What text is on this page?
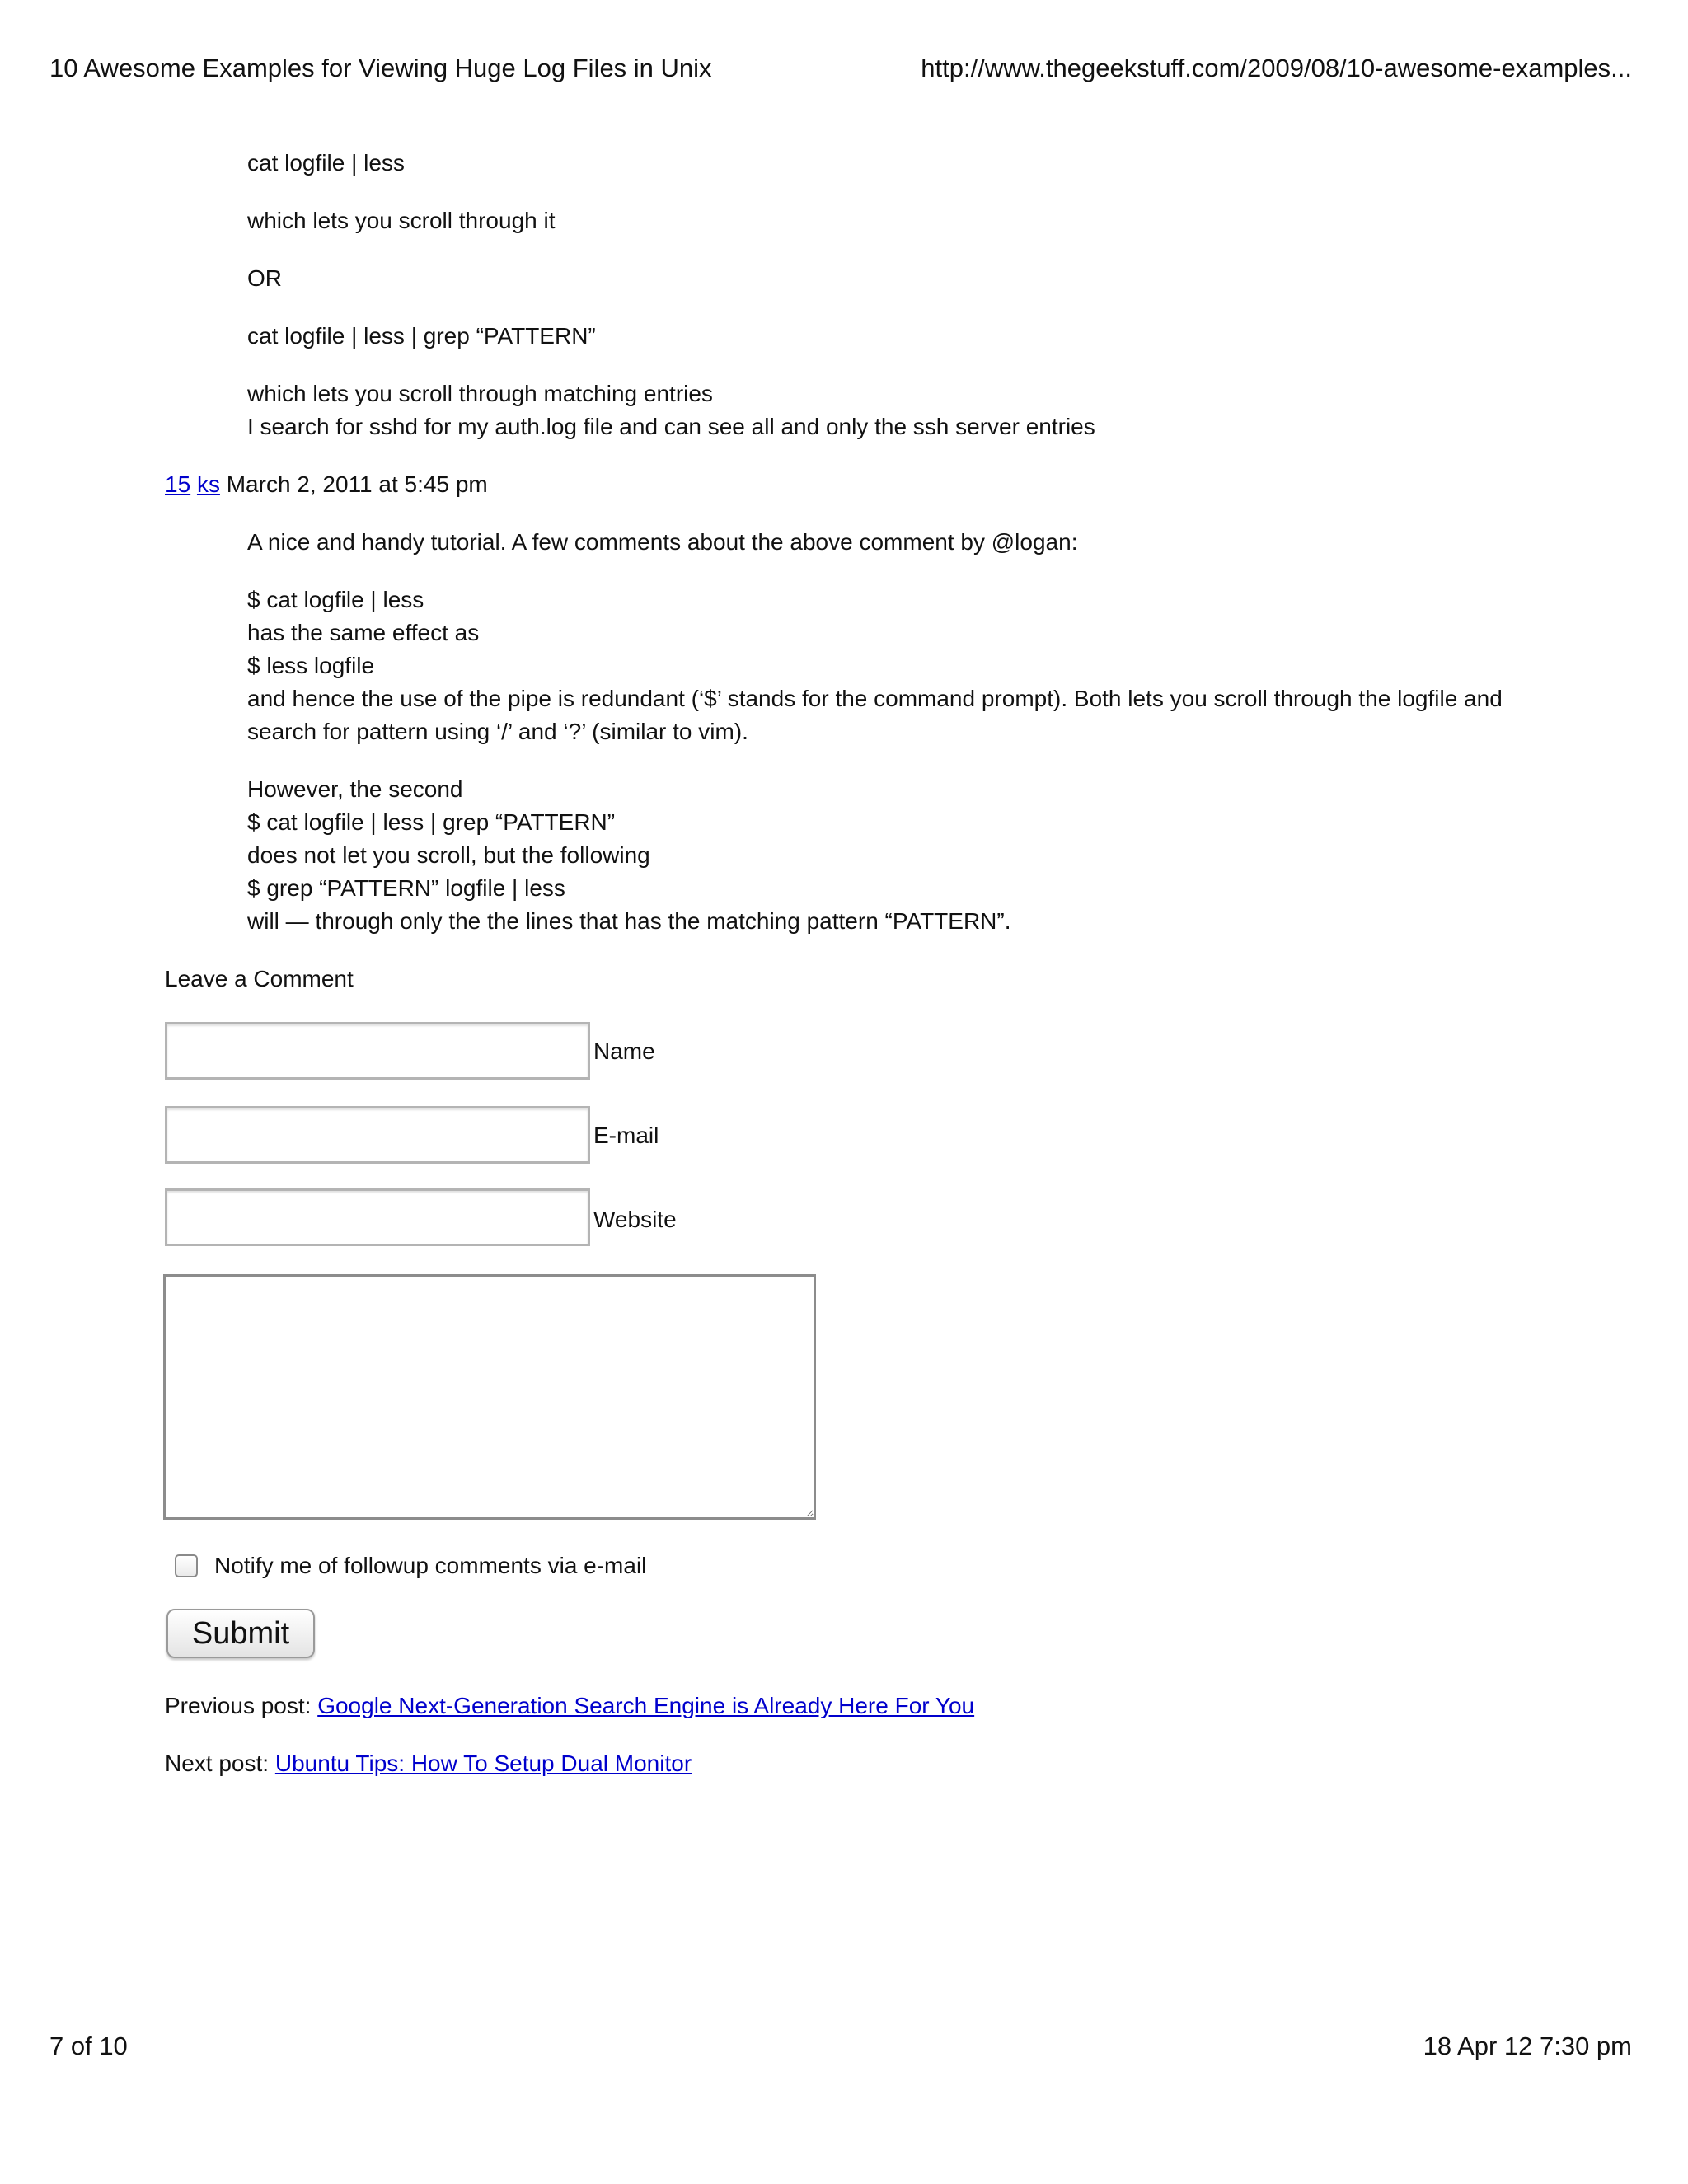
10 Awesome Examples for Viewing Huge Log Files in Unix	http://www.thegeekstuff.com/2009/08/10-awesome-examples...

cat logfile | less

which lets you scroll through it

OR

cat logfile | less | grep “PATTERN”

which lets you scroll through matching entries

I search for sshd for my auth.log file and can see all and only the ssh server entries

15 ks March 2, 2011 at 5:45 pm

A nice and handy tutorial. A few comments about the above comment by @logan:

$ cat logfile | less

has the same effect as

$ less logfile

and hence the use of the pipe is redundant (‘$’ stands for the command prompt). Both lets you scroll through the logfile and

search for pattern using ‘/’ and ‘?’ (similar to vim).

However, the second

$ cat logfile | less | grep “PATTERN”

does not let you scroll, but the following

$ grep “PATTERN” logfile | less

will — through only the the lines that has the matching pattern “PATTERN”.

Leave a Comment
Name
E-mail
Website
Notify me of followup comments via e-mail
Submit
Previous post: Google Next-Generation Search Engine is Already Here For You
Next post: Ubuntu Tips: How To Setup Dual Monitor
7 of 10	18 Apr 12 7:30 pm
